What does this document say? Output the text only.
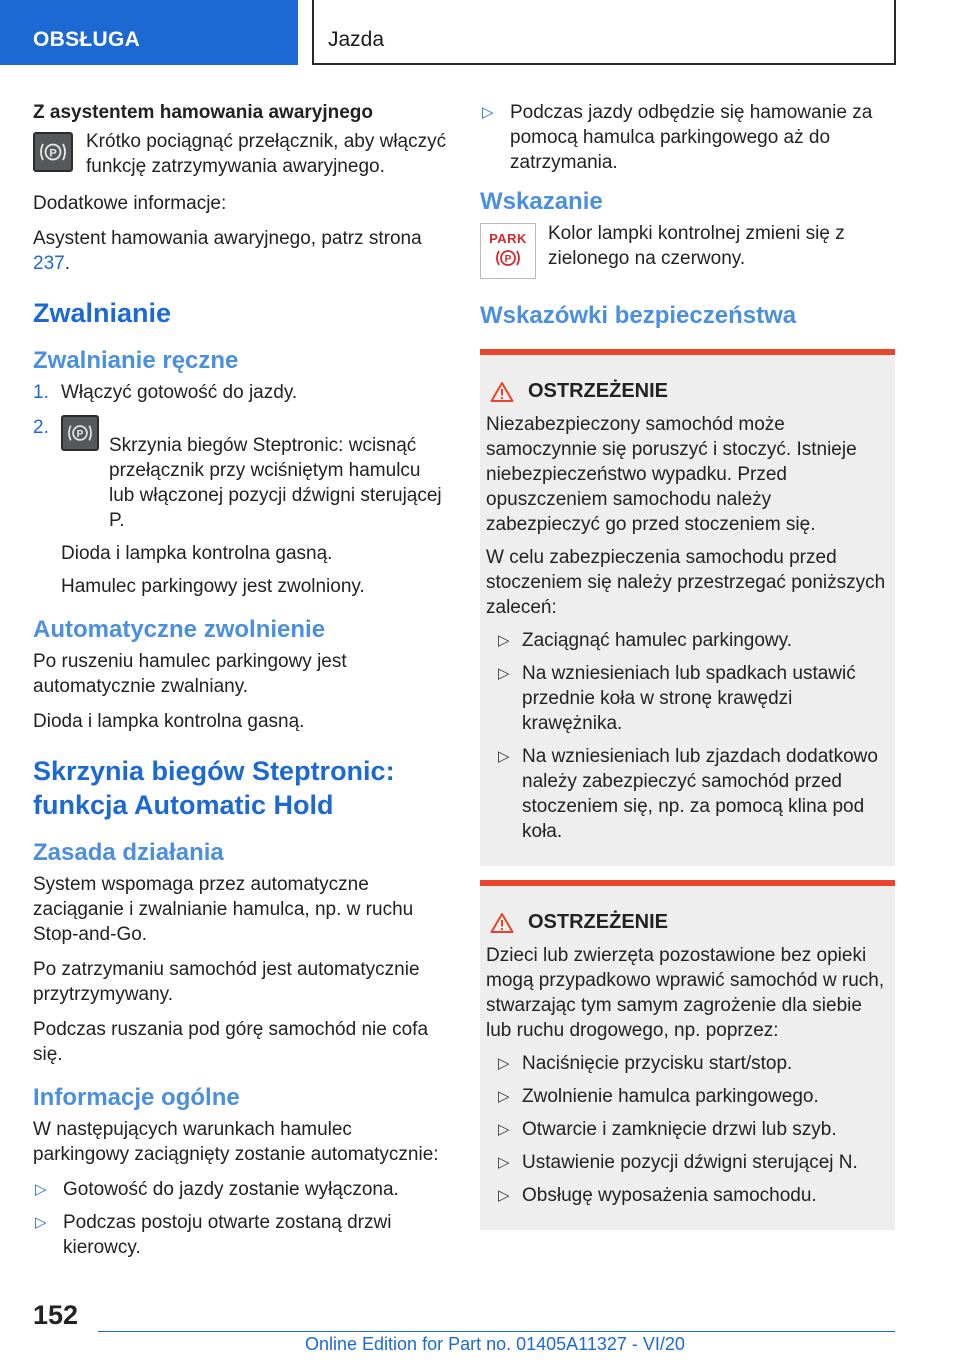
OBSŁUGA	Jazda
Z asystentem hamowania awaryjnego
P
Krótko pociągnąć przełącznik, aby włączyć funkcję zatrzymywania awaryjnego.

Dodatkowe informacje:

Asystent hamowania awaryjnego, patrz strona 237.

Zwalnianie
Zwalnianie ręczne
1. Włączyć gotowość do jazdy.
2.	P
Skrzynia biegów Steptronic: wcisnąć przełącznik przy wciśniętym hamulcu lub włączonej pozycji dźwigni sterującej P.
Dioda i lampka kontrolna gasną.
Hamulec parkingowy jest zwolniony.
Automatyczne zwolnienie

Po ruszeniu hamulec parkingowy jest automatycznie zwalniany.

Dioda i lampka kontrolna gasną.

Skrzynia biegów Steptronic: funkcja Automatic Hold
Zasada działania

System wspomaga przez automatyczne zaciąganie i zwalnianie hamulca, np. w ruchu Stop-and-Go.

Po zatrzymaniu samochód jest automatycznie przytrzymywany.

Podczas ruszania pod górę samochód nie cofa się.

Informacje ogólne

W następujących warunkach hamulec parkingowy zaciągnięty zostanie automatycznie:

▷ Gotowość do jazdy zostanie wyłączona.
▷ Podczas postoju otwarte zostaną drzwi kierowcy.
▷ Podczas jazdy odbędzie się hamowanie za pomocą hamulca parkingowego aż do zatrzymania.
Wskazanie
PARK
P
Kolor lampki kontrolnej zmieni się z zielonego na czerwony.
Wskazówki bezpieczeństwa
OSTRZEŻENIE

Niezabezpieczony samochód może samoczynnie się poruszyć i stoczyć. Istnieje niebezpieczeństwo wypadku. Przed opuszczeniem samochodu należy zabezpieczyć go przed stoczeniem się.

W celu zabezpieczenia samochodu przed stoczeniem się należy przestrzegać poniższych zaleceń:

▷ Zaciągnąć hamulec parkingowy.
▷ Na wzniesieniach lub spadkach ustawić przednie koła w stronę krawędzi krawężnika.
▷ Na wzniesieniach lub zjazdach dodatkowo należy zabezpieczyć samochód przed stoczeniem się, np. za pomocą klina pod koła.
OSTRZEŻENIE

Dzieci lub zwierzęta pozostawione bez opieki mogą przypadkowo wprawić samochód w ruch, stwarzając tym samym zagrożenie dla siebie lub ruchu drogowego, np. poprzez:

▷ Naciśnięcie przycisku start/stop.
▷ Zwolnienie hamulca parkingowego.
▷ Otwarcie i zamknięcie drzwi lub szyb.
▷ Ustawienie pozycji dźwigni sterującej N.
▷ Obsługę wyposażenia samochodu.
152
Online Edition for Part no. 01405A11327 - VI/20
